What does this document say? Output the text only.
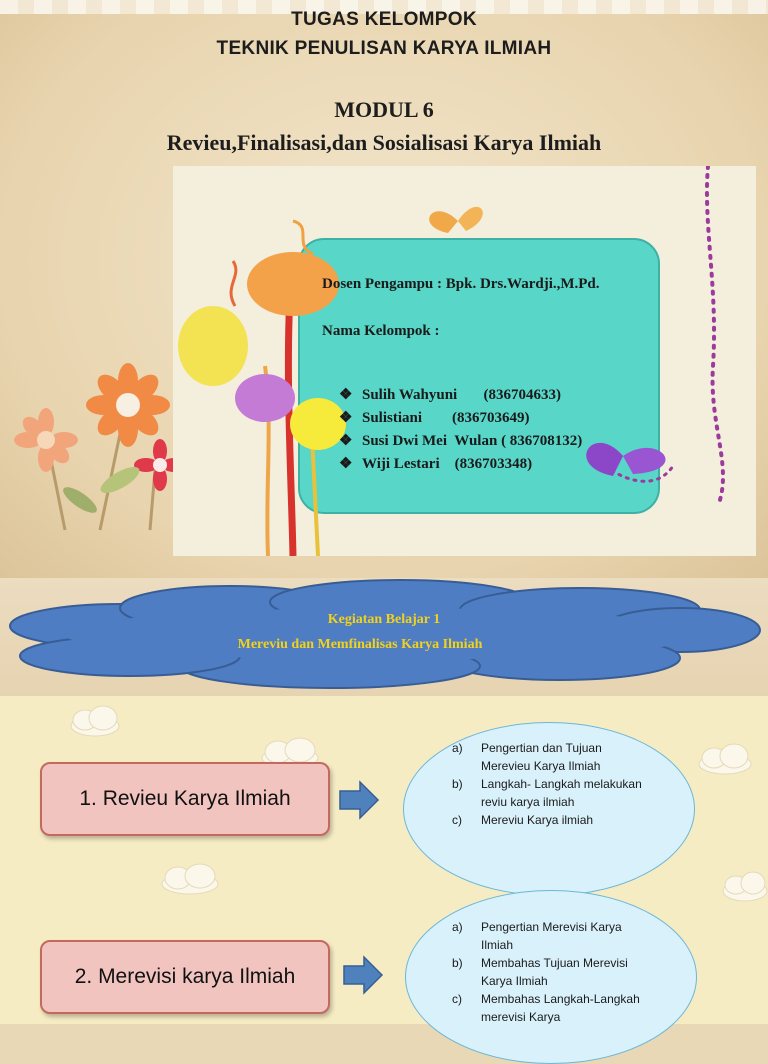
TUGAS KELOMPOK
TEKNIK PENULISAN KARYA ILMIAH
MODUL 6
Revieu,Finalisasi,dan Sosialisasi Karya Ilmiah
Dosen Pengampu : Bpk. Drs.Wardji.,M.Pd.
Nama Kelompok :

❖ Sulih Wahyuni       (836704633)

❖ Sulistiani        (836703649)

❖ Susi Dwi Mei  Wulan ( 836708132)

❖ Wiji Lestari    (836703348)

Kegiatan Belajar 1
Mereviu dan Memfinalisas Karya Ilmiah
1. Revieu Karya Ilmiah
a)	Pengertian dan Tujuan Merevieu Karya Ilmiah
b)	Langkah- Langkah melakukan reviu karya ilmiah
c)	Mereviu Karya ilmiah
2. Merevisi karya Ilmiah
a)	Pengertian Merevisi Karya Ilmiah
b)	Membahas Tujuan Merevisi Karya Ilmiah
c)	Membahas Langkah-Langkah merevisi Karya
